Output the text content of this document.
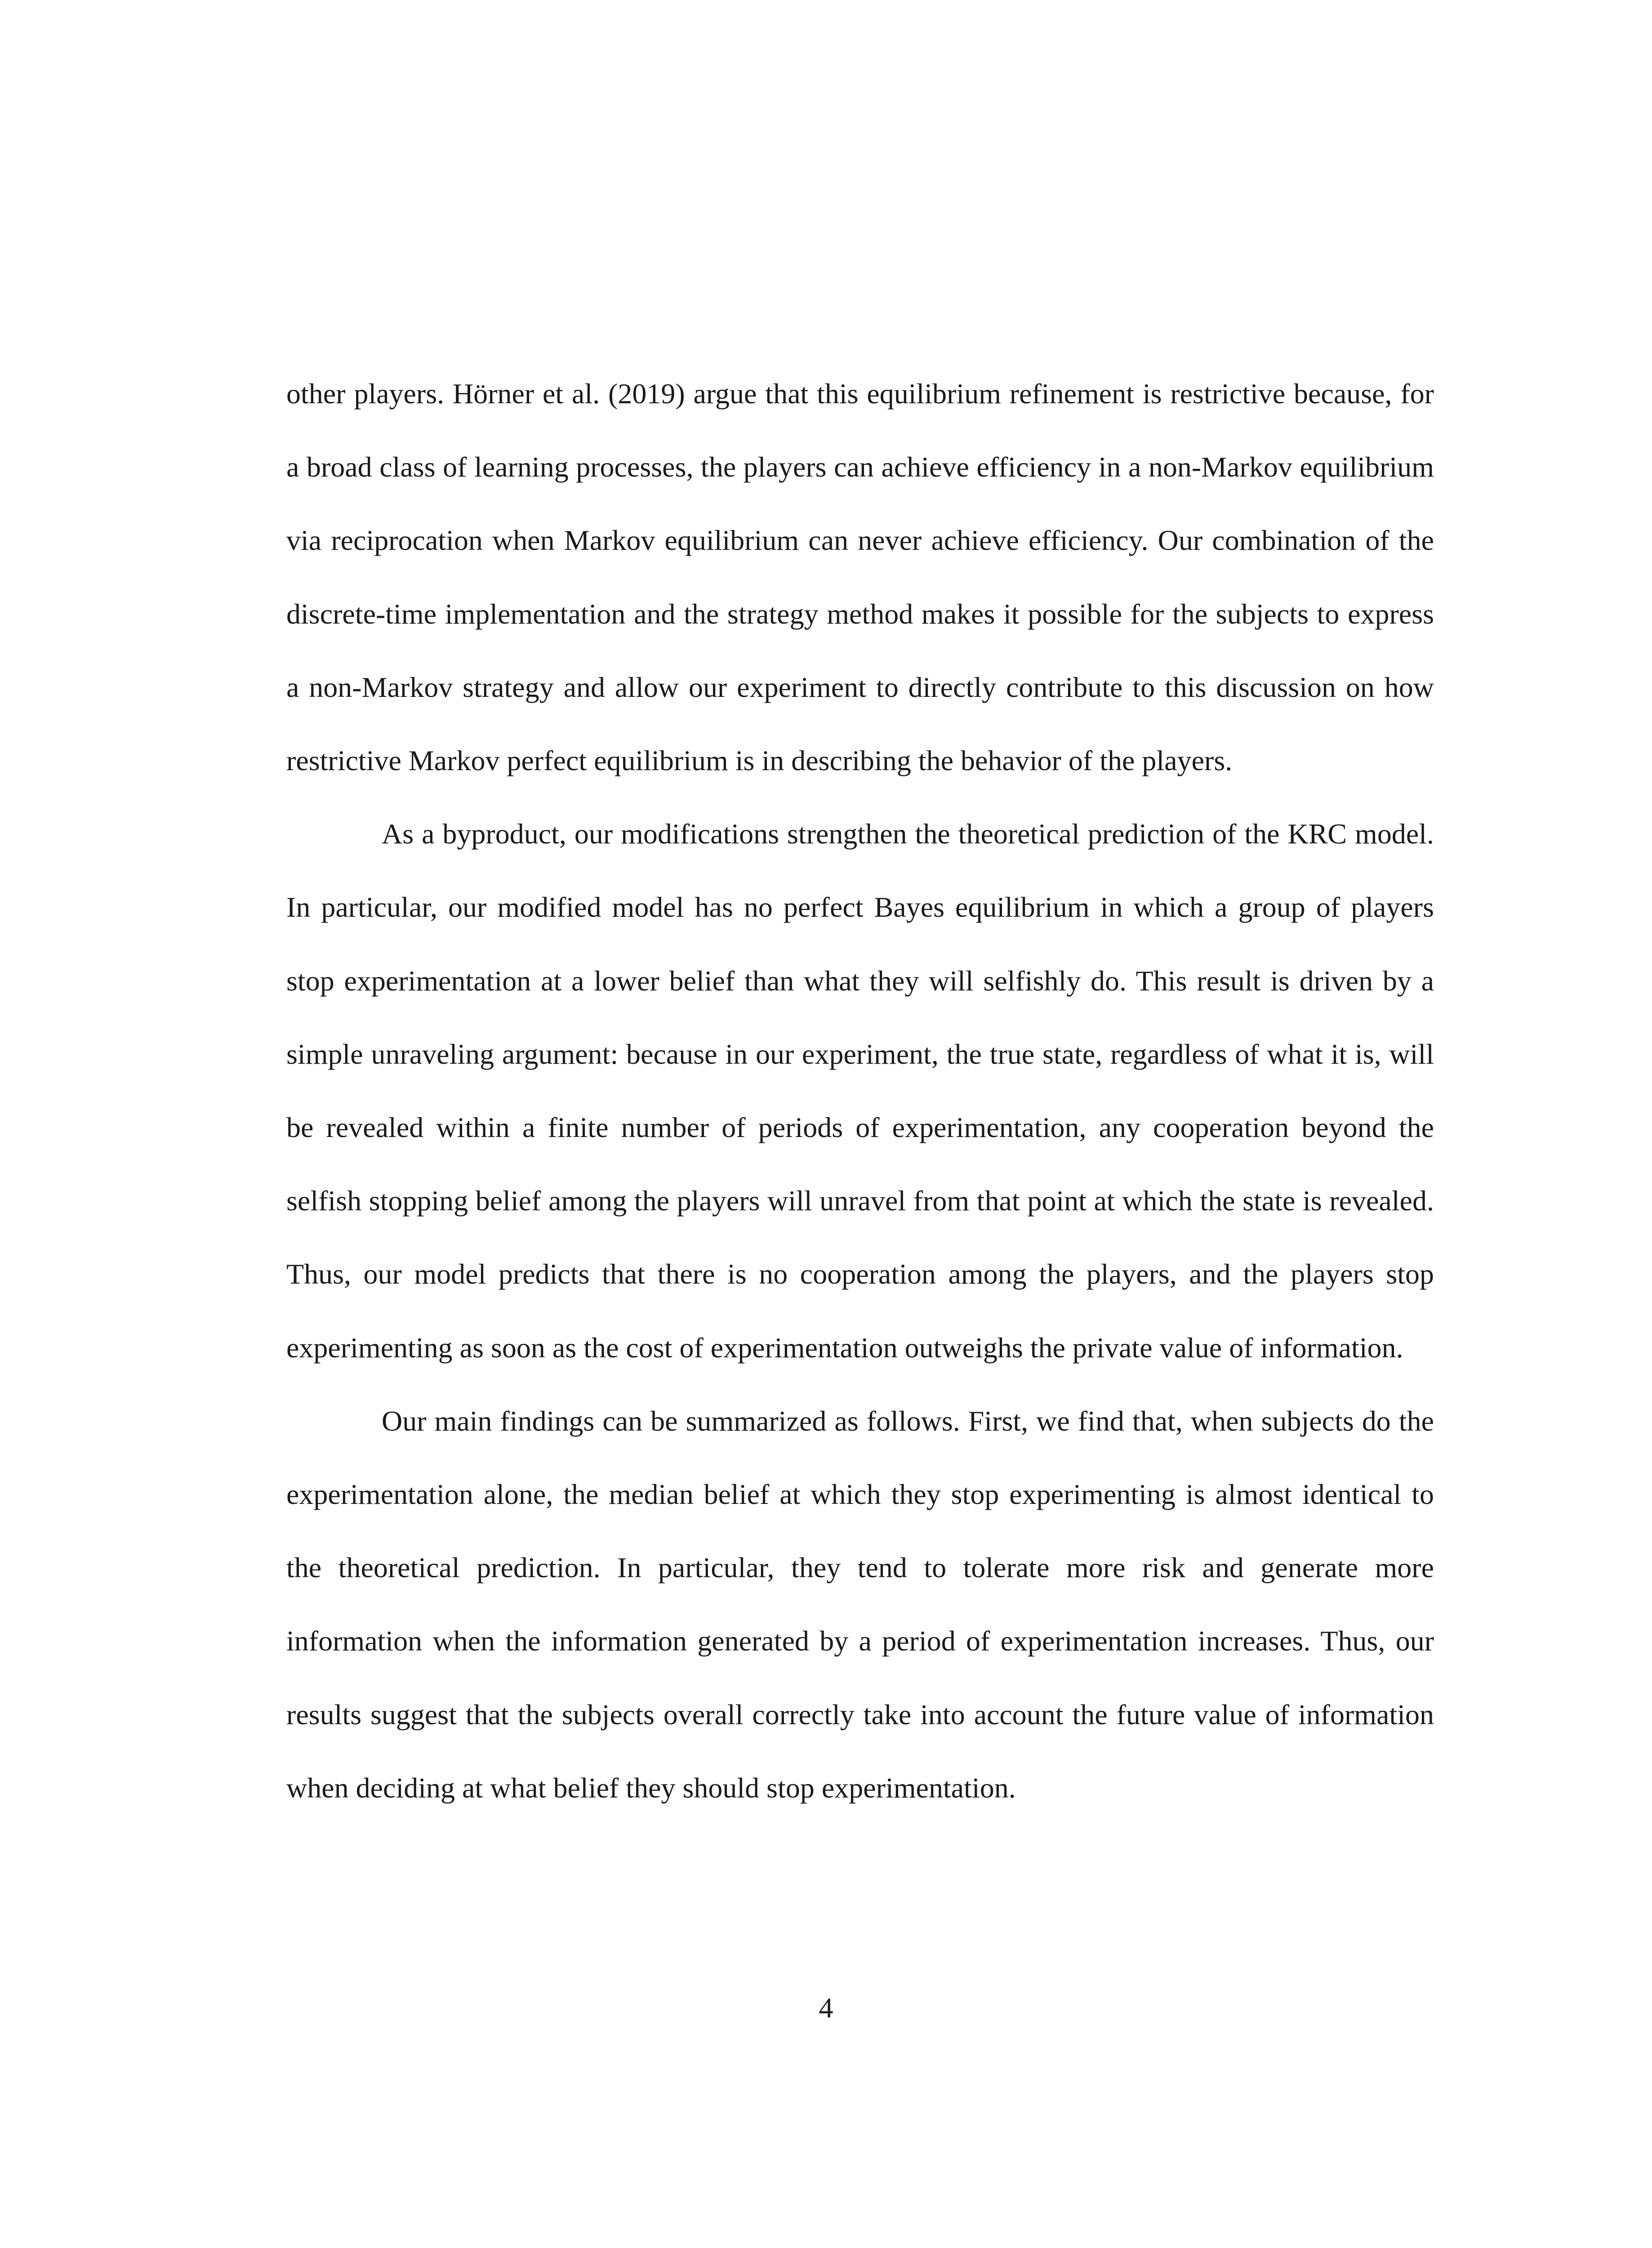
other players. Hörner et al. (2019) argue that this equilibrium refinement is restrictive because, for a broad class of learning processes, the players can achieve efficiency in a non-Markov equilibrium via reciprocation when Markov equilibrium can never achieve efficiency. Our combination of the discrete-time implementation and the strategy method makes it possible for the subjects to express a non-Markov strategy and allow our experiment to directly contribute to this discussion on how restrictive Markov perfect equilibrium is in describing the behavior of the players.

As a byproduct, our modifications strengthen the theoretical prediction of the KRC model. In particular, our modified model has no perfect Bayes equilibrium in which a group of players stop experimentation at a lower belief than what they will selfishly do. This result is driven by a simple unraveling argument: because in our experiment, the true state, regardless of what it is, will be revealed within a finite number of periods of experimentation, any cooperation beyond the selfish stopping belief among the players will unravel from that point at which the state is revealed. Thus, our model predicts that there is no cooperation among the players, and the players stop experimenting as soon as the cost of experimentation outweighs the private value of information.

Our main findings can be summarized as follows. First, we find that, when subjects do the experimentation alone, the median belief at which they stop experimenting is almost identical to the theoretical prediction. In particular, they tend to tolerate more risk and generate more information when the information generated by a period of experimentation increases. Thus, our results suggest that the subjects overall correctly take into account the future value of information when deciding at what belief they should stop experimentation.

4
